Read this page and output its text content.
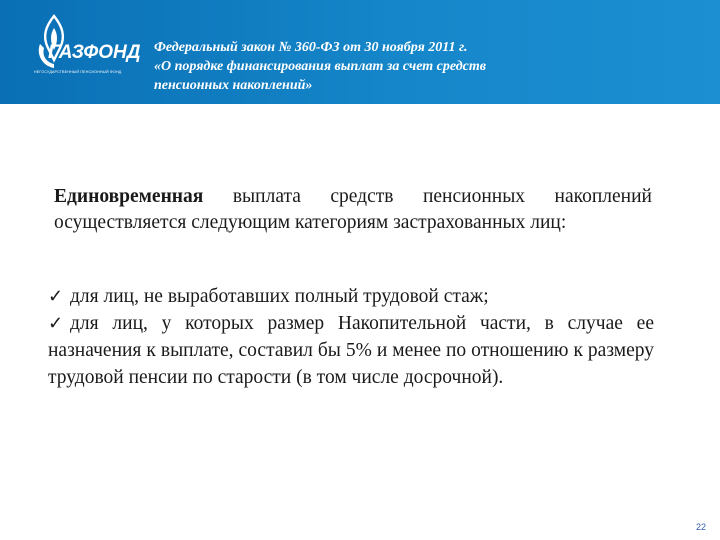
ГАЗФОНД
НЕГОСУДАРСТВЕННЫЙ ПЕНСИОННЫЙ ФОНД
Федеральный закон № 360-ФЗ от 30 ноября 2011 г.
«О порядке финансирования выплат за счет средств
пенсионных накоплений»
Единовременная выплата средств пенсионных накоплений осуществляется следующим категориям застрахованных лиц:

✓ для лиц, не выработавших полный трудовой стаж;

✓ для лиц, у которых размер Накопительной части, в случае ее назначения к выплате, составил бы 5% и менее по отношению к размеру трудовой пенсии по старости (в том числе досрочной).

22
